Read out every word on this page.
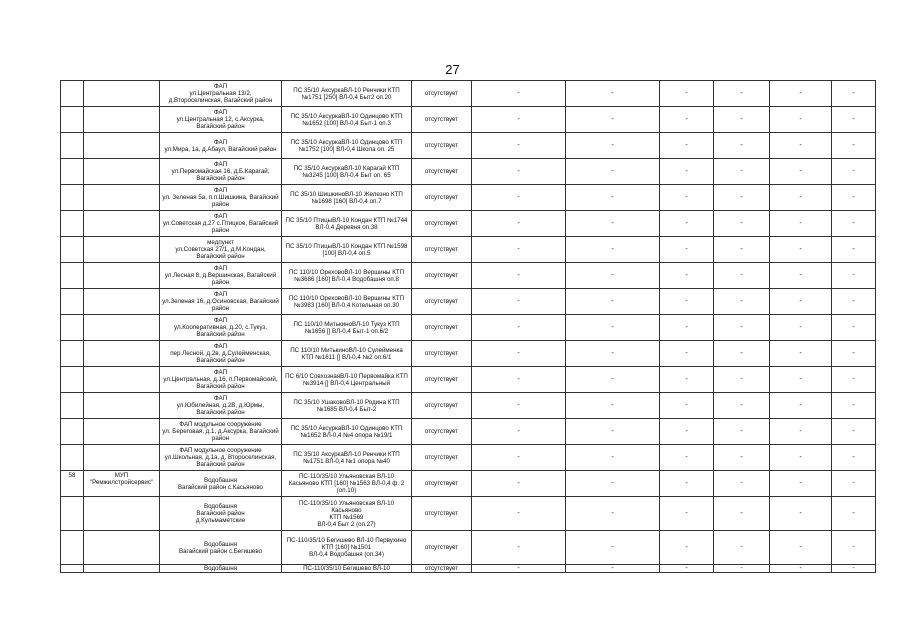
27
		ФАП
ул.Центральная 13/2, д.Второселинская, Вагайский район	ПС 35/10 АксуркаВЛ-10 Ренчики КТП №1751 [250] ВЛ-0,4 Быт2 оп.20	отсутствует	-	-	-	-	-	-
		ФАП
ул.Центральная 12, с.Аксурка, Вагайский район	ПС 35/10 АксуркаВЛ-10 Одинцово КТП №1652 [100] ВЛ-0,4 Быт-1 оп.3	отсутствует	-	-	-	-	-	-
		ФАП
ул.Мира, 1а, д.Абаул, Вагайский район	ПС 35/10 АксуркаВЛ-10 Одинцово КТП №1752 [100] ВЛ-0,4 Школа оп. 25	отсутствует	-	-	-	-	-	-
		ФАП
ул.Первомайская 16, д.Б.Карагай, Вагайский район	ПС 35/10 АксуркаВЛ-10 Карагай КТП №3245 [100] ВЛ-0,4 Быт оп. 65	отсутствует	-	-	-	-	-	-
		ФАП
ул. Зеленая 5а, п.п.Шишкина, Вагайский район	ПС 35/10 ШишкиноВЛ-10 Железно КТП №1698 [160] ВЛ-0,4 оп.7	отсутствует	-	-	-	-	-	-
		ФАП
ул.Советская д.27 с.Птицкое, Вагайский район	ПС 35/10 ПтицыВЛ-10 Кондан КТП №1744 ВЛ-0,4 Деревня оп.38	отсутствует	-	-	-	-	-	-
		медпункт
ул.Советская 27/1, д.М.Кондан, Вагайский район	ПС 35/10 ПтицыВЛ-10 Кондан КТП №1598 [100] ВЛ-0,4 оп.5	отсутствует	-	-	-	-	-	-
		ФАП
ул.Лесная 8, д.Вершинская, Вагайский район	ПС 110/10 ОреховоВЛ-10 Вершины КТП №3686 [160] ВЛ-0,4 Водобашня оп.8	отсутствует	-	-	-	-	-	-
		ФАП
ул.Зеленая 16, д.Осиновская, Вагайский район	ПС 110/10 ОреховоВЛ-10 Вершины КТП №3983 [160] ВЛ-0,4 Котельная оп.30	отсутствует	-	-	-	-	-	-
		ФАП
ул.Кооперативная, д.20, с.Тукуз, Вагайский район	ПС 110/10 МитькиноВЛ-10 Тукуз КТП №1656 [] ВЛ-0,4 Быт-1 оп.6/2	отсутствует	-	-	-	-	-	-
		ФАП
пер.Лесной, д.2в, д.Сулейменская, Вагайский район	ПС 110/10 МитькиноВЛ-10 Сулейменка КТП №1611 [] ВЛ-0,4 №2 оп.6/1	отсутствует	-	-	-	-	-	-
		ФАП
ул.Центральная, д.16, п.Первомайский, Вагайский район	ПС 6/10 СовхознаяВЛ-10 Первомайка КТП №3914 [] ВЛ-0,4 Центральный	отсутствует	-	-	-	-	-	-
		ФАП
ул.Юбилейная, д.2В, д.Юрмы, Вагайский район	ПС 35/10 УшаковоВЛ-10 Родина КТП №1685 ВЛ-0,4 Быт-2	отсутствует	-	-	-	-	-	-
		ФАП модульное сооружение
ул. Береговая, д.1, д.Аксурка, Вагайский район	ПС 35/10 АксуркаВЛ-10 Одинцово КТП №1652 ВЛ-0,4 №4 опора №19/1	отсутствует	-	-	-	-	-	-
		ФАП модульное сооружение
ул.Школьная, д.1а, д. Второселинская, Вагайский район	ПС 35/10 АксуркаВЛ-10 Ренчики КТП №1751 ВЛ-0,4 №1 опора №40	отсутствует	-	-	-	-	-	-
58	МУП "Ремжилстройсервис"	Водобашня
Вагайский район с.Касьяново	ПС-110/35/10 Ульяновская ВЛ-10 Касьяново КТП [160] №1563 ВЛ-0,4 ф. 2 (оп.10)	отсутствует	-	-	-	-	-	-
		Водобашня
Вагайский район
д.Кульмаметские	ПС-110/35/10 Ульяновская ВЛ-10 Касьяново
КТП №1569
ВЛ-0,4 Быт 2 (оп.27)	отсутствует	-	-	-	-	-	-
		Водобашня
Вагайский район с.Бегишево	ПС-110/35/10 Бегишево ВЛ-10 Первухино
КТП [160] №1501
ВЛ-0,4 Водобашня (оп.34)	отсутствует	-	-	-	-	-	-
		Водобашня	ПС-110/35/10 Бегишево ВЛ-10	отсутствует	-	-	-	-	-	-
